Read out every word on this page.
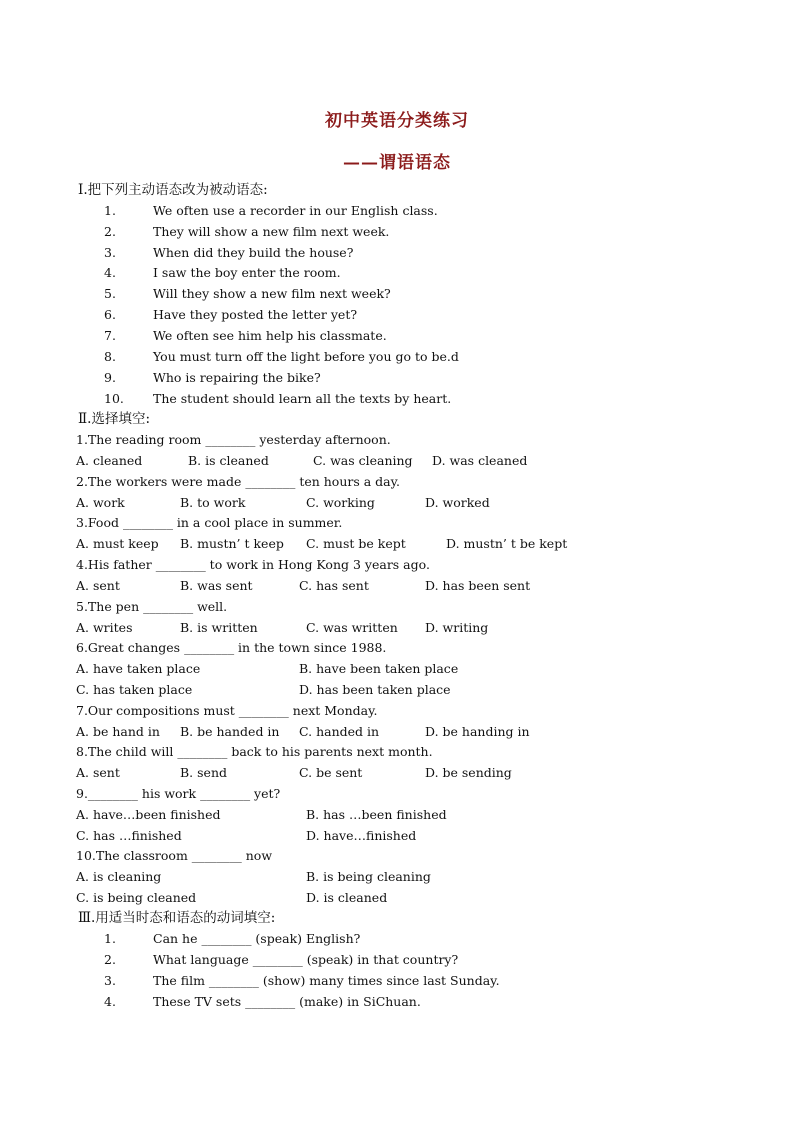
初中英语分类练习
——谓语语态
Ⅰ.把下列主动语态改为被动语态:
1.	We often use a recorder in our English class.
2.	They will show a new film next week.
3.	When did they build the house?
4.	I saw the boy enter the room.
5.	Will they show a new film next week?
6.	Have they posted the letter yet?
7.	We often see him help his classmate.
8.	You must turn off the light before you go to be.d
9.	Who is repairing the bike?
10. The student should learn all the texts by heart.
Ⅱ.选择填空:
1.The reading room ________ yesterday afternoon.
A. cleaned	B. is cleaned	C. was cleaning D. was cleaned
2.The workers were made ________ ten hours a day.
A. work	B. to work	C. working	D. worked
3.Food ________ in a cool place in summer.
A. must keep B. mustn’ t keep C. must be kept	D. mustn’ t be kept
4.His father ________ to work in Hong Kong 3 years ago.
A. sent	B. was sent	C. has sent	D. has been sent
5.The pen ________ well.
A. writes	B. is written	C. was written D. writing
6.Great changes ________ in the town since 1988.
A. have taken place	B. have been taken place
C. has taken place	D. has been taken place
7.Our compositions must ________ next Monday.
A. be hand in B. be handed in C. handed in	D. be handing in
8.The child will ________ back to his parents next month.
A. sent	B. send	C. be sent	D. be sending
9.________ his work ________ yet?
A. have…been finished	B. has …been finished
C. has …finished	D. have…finished
10.The classroom ________ now
A. is cleaning	B. is being cleaning
C. is being cleaned	D. is cleaned
Ⅲ.用适当时态和语态的动词填空:
1.	Can he ________ (speak) English?
2.	What language ________ (speak) in that country?
3.	The film ________ (show) many times since last Sunday.
4.	These TV sets ________ (make) in SiChuan.
